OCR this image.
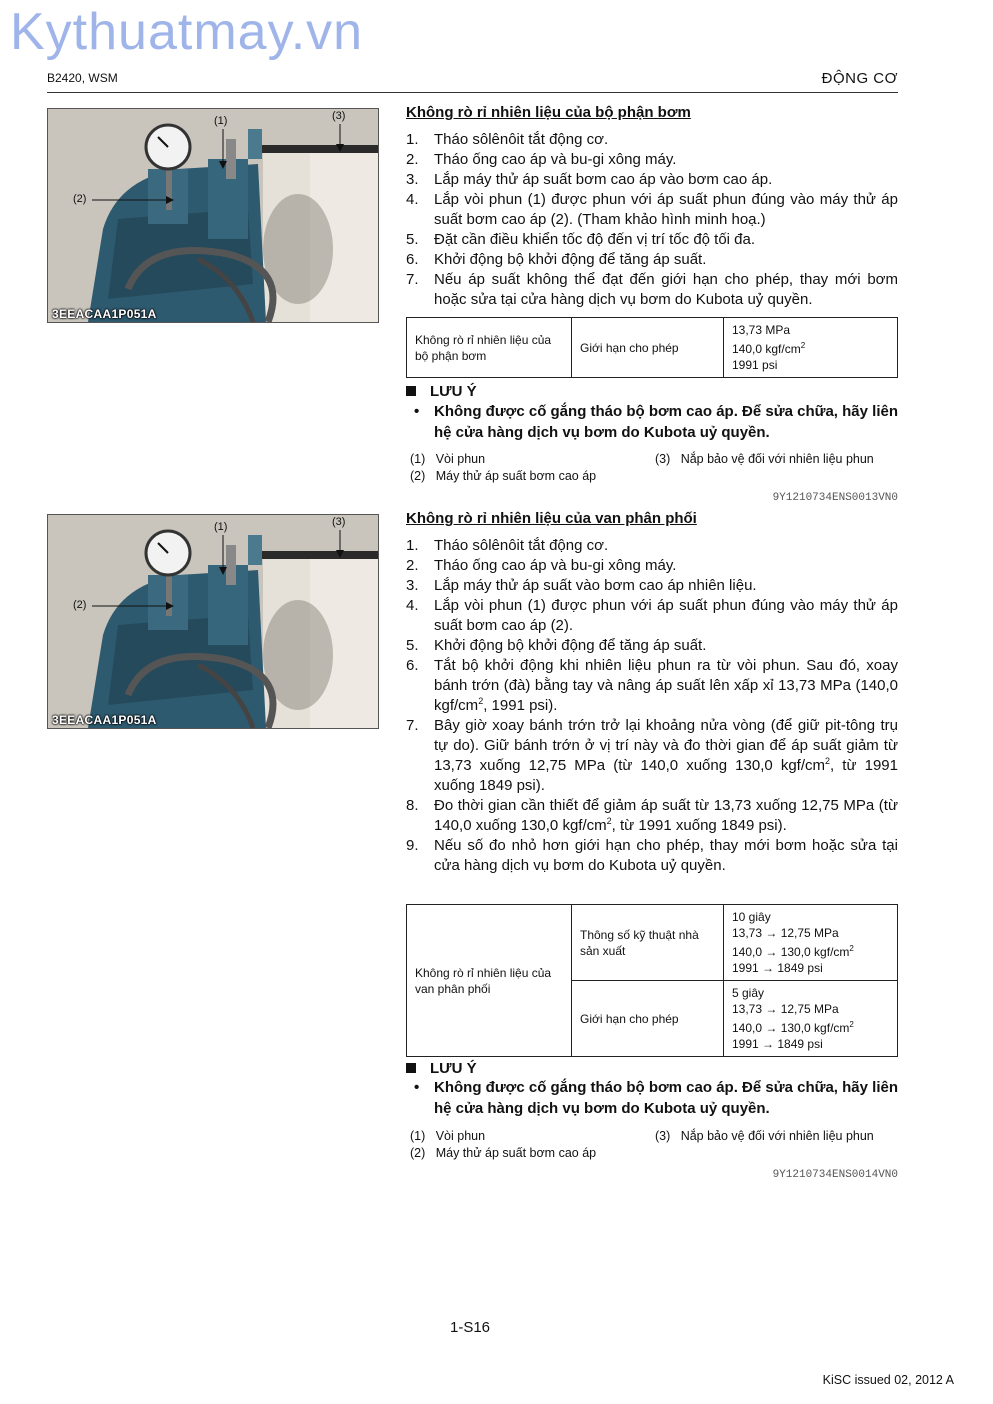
Kythuatmay.vn
B2420, WSM	ĐỘNG CƠ
(1)	(3)
(2)
3EEACAA1P051A
Không rò rỉ nhiên liệu của bộ phận bơm
1. Tháo sôlênôit tắt động cơ.
2. Tháo ống cao áp và bu-gi xông máy.
3. Lắp máy thử áp suất bơm cao áp vào bơm cao áp.
4. Lắp vòi phun (1) được phun với áp suất phun đúng vào máy thử áp suất bơm cao áp (2). (Tham khảo hình minh hoạ.)
5. Đặt cần điều khiển tốc độ đến vị trí tốc độ tối đa.
6. Khởi động bộ khởi động để tăng áp suất.
7. Nếu áp suất không thể đạt đến giới hạn cho phép, thay mới bơm hoặc sửa tại cửa hàng dịch vụ bơm do Kubota uỷ quyền.
Không rò rỉ nhiên liệu của bộ phận bơm	Giới hạn cho phép	
13,73 MPa
140,0 kgf/$cm^2$
1991 psi
LƯU Ý
• Không được cố gắng tháo bộ bơm cao áp. Để sửa chữa, hãy liên hệ cửa hàng dịch vụ bơm do Kubota uỷ quyền.
(1) Vòi phun
(2) Máy thử áp suất bơm cao áp
(3) Nắp bảo vệ đối với nhiên liệu phun
9Y1210734ENS0013VN0
(1)	(3)
(2)
3EEACAA1P051A
Không rò rỉ nhiên liệu của van phân phối
1. Tháo sôlênôit tắt động cơ.
2. Tháo ống cao áp và bu-gi xông máy.
3. Lắp máy thử áp suất vào bơm cao áp nhiên liệu.
4. Lắp vòi phun (1) được phun với áp suất phun đúng vào máy thử áp suất bơm cao áp (2).
5. Khởi động bộ khởi động để tăng áp suất.
6. Tắt bộ khởi động khi nhiên liệu phun ra từ vòi phun. Sau đó, xoay bánh trớn (đà) bằng tay và nâng áp suất lên xấp xỉ 13,73 MPa (140,0 kgf/$cm^2$, 1991 psi).
7. Bây giờ xoay bánh trớn trở lại khoảng nửa vòng (để giữ pit-tông trụ tự do). Giữ bánh trớn ở vị trí này và đo thời gian để áp suất giảm từ 13,73 xuống 12,75 MPa (từ 140,0 xuống 130,0 kgf/$cm^2$, từ 1991 xuống 1849 psi).
8. Đo thời gian cần thiết để giảm áp suất từ 13,73 xuống 12,75 MPa (từ 140,0 xuống 130,0 kgf/$cm^2$, từ 1991 xuống 1849 psi).
9. Nếu số đo nhỏ hơn giới hạn cho phép, thay mới bơm hoặc sửa tại cửa hàng dịch vụ bơm do Kubota uỷ quyền.
Không rò rỉ nhiên liệu của van phân phối	Thông số kỹ thuật nhà sản xuất	10 giây
13,73 → 12,75 MPa
140,0 → 130,0 kgf/$cm^2$
1991 → 1849 psi

	Giới hạn cho phép	5 giây
13,73 → 12,75 MPa
140,0 → 130,0 kgf/$cm^2$
1991 → 1849 psi
LƯU Ý
• Không được cố gắng tháo bộ bơm cao áp. Để sửa chữa, hãy liên hệ cửa hàng dịch vụ bơm do Kubota uỷ quyền.
(1) Vòi phun
(2) Máy thử áp suất bơm cao áp
(3) Nắp bảo vệ đối với nhiên liệu phun
9Y1210734ENS0014VN0
1-S16
KiSC issued 02, 2012 A
